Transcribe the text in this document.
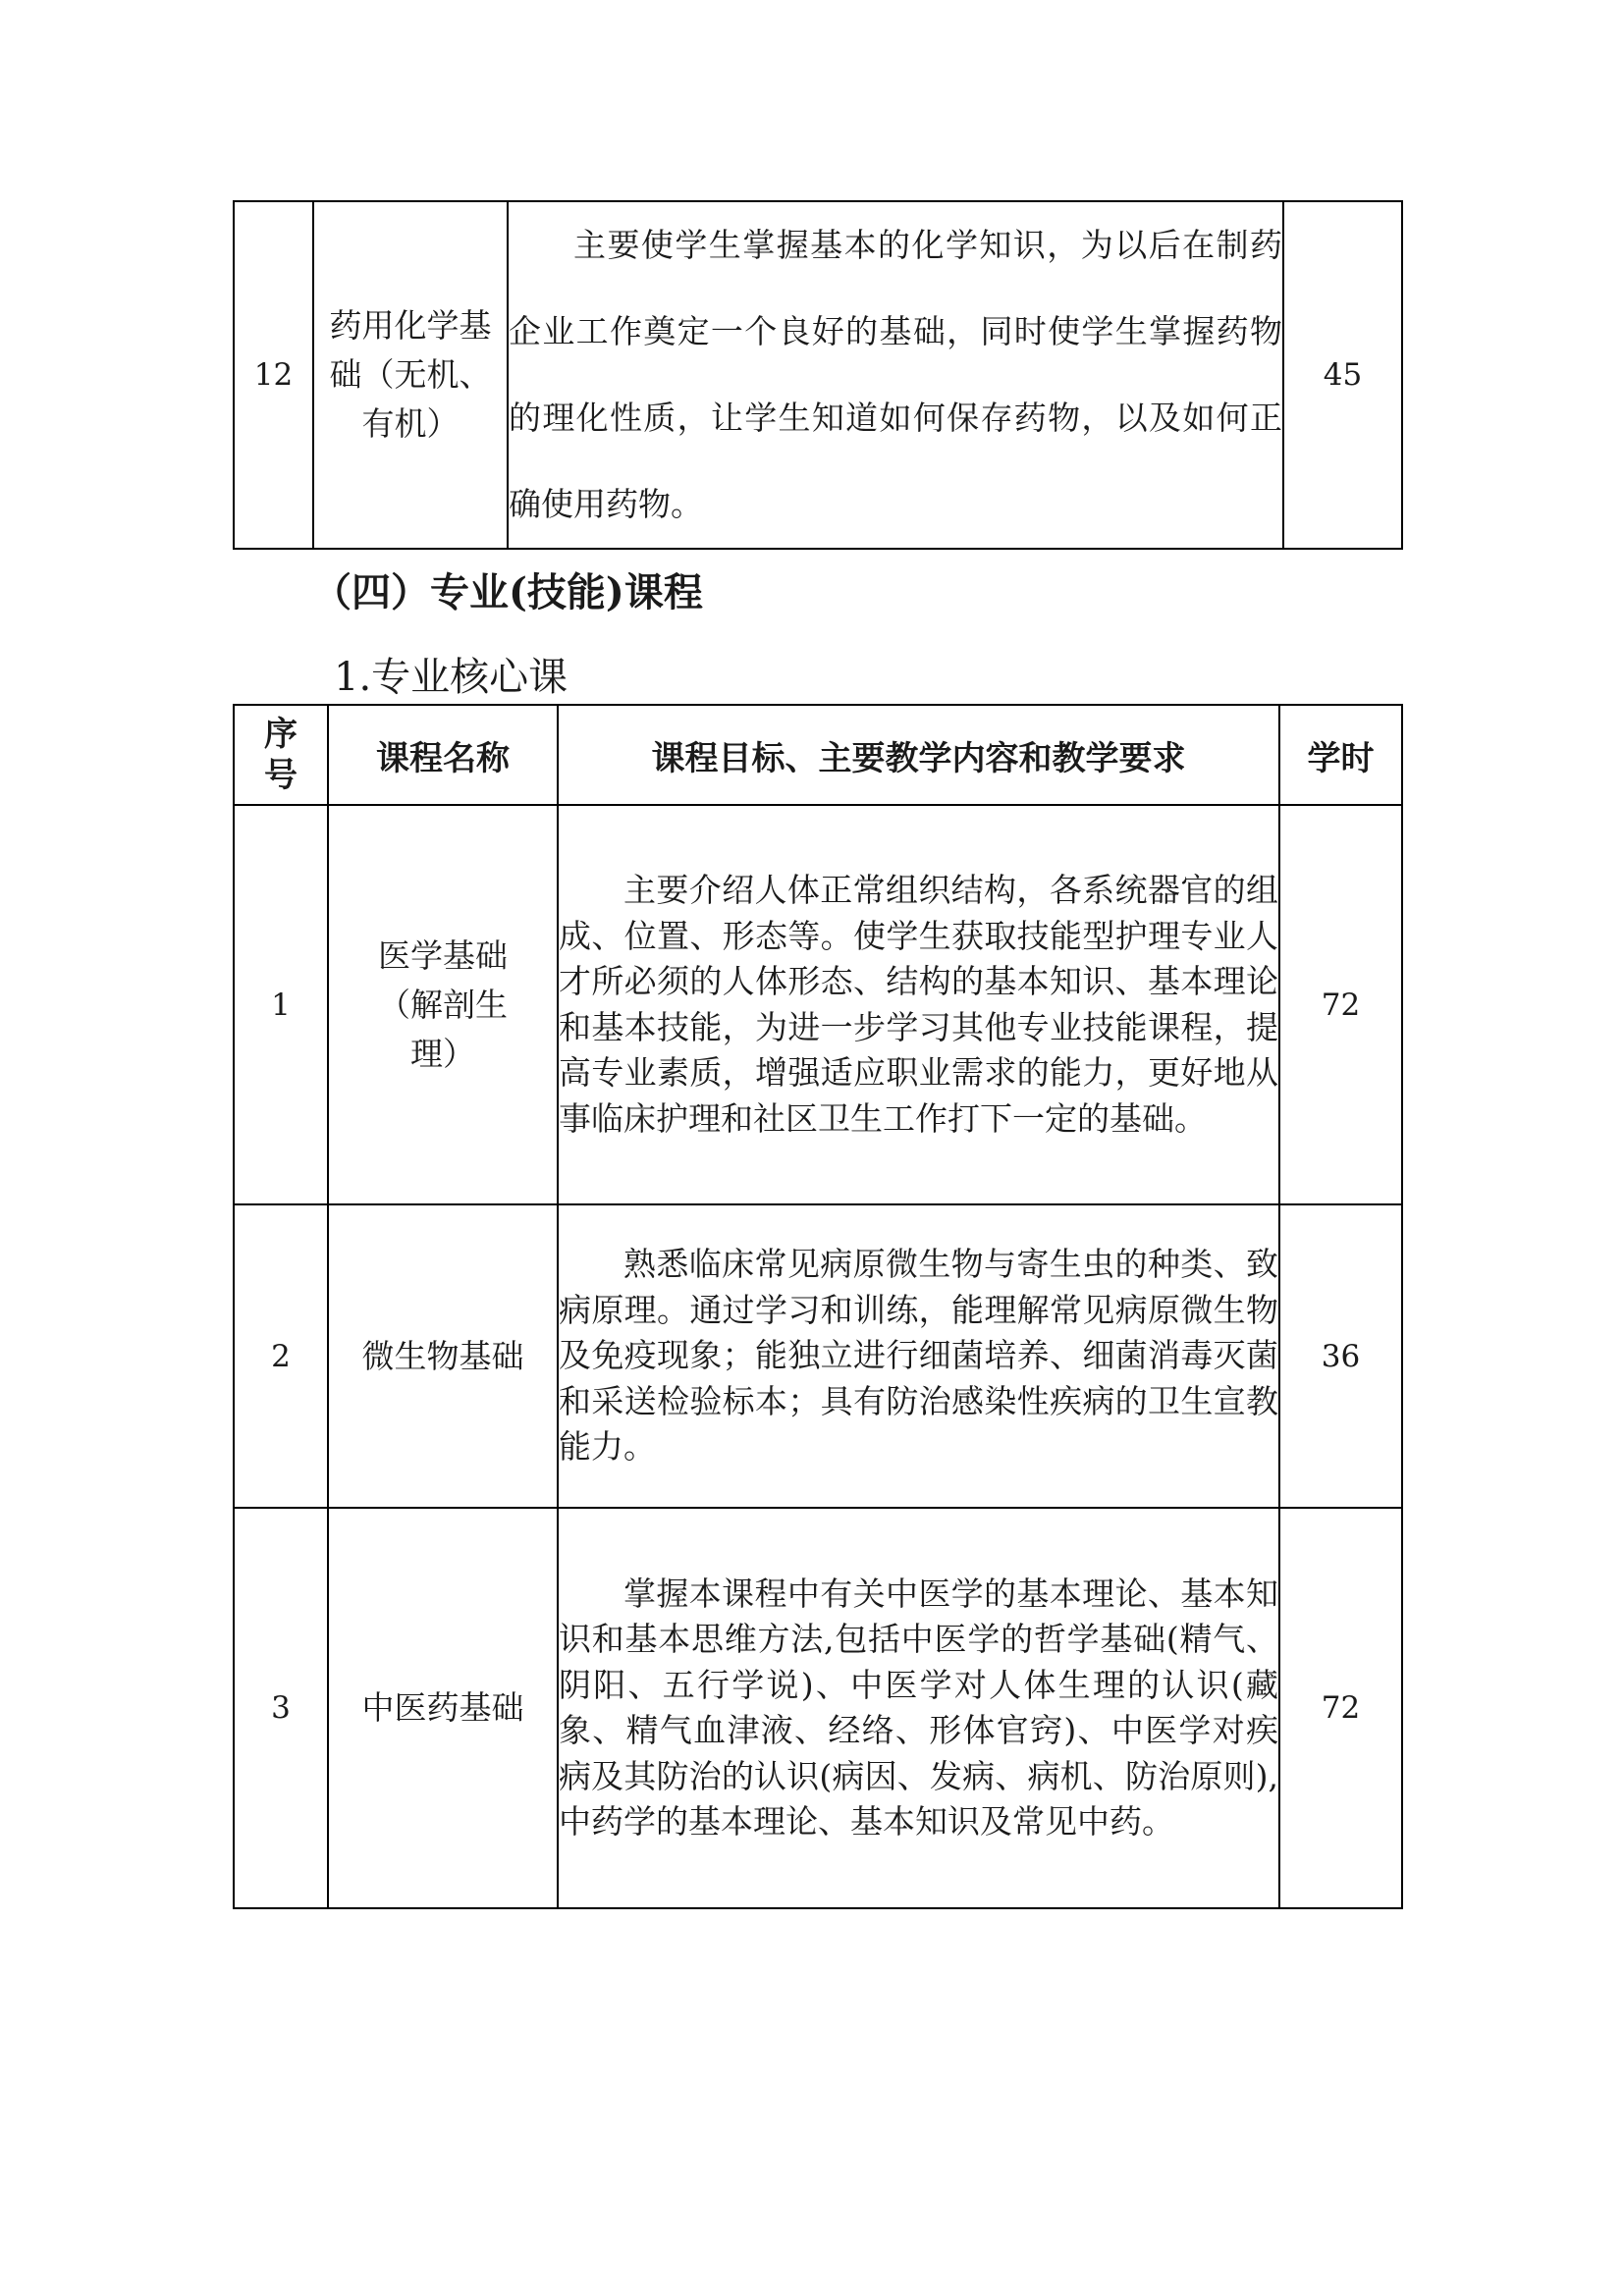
12	药用化学基础（无机、有机）	主要使学生掌握基本的化学知识，为以后在制药企业工作奠定一个良好的基础，同时使学生掌握药物的理化性质，让学生知道如何保存药物，以及如何正确使用药物。	45
（四）专业(技能)课程
1.专业核心课
序号	课程名称	课程目标、主要教学内容和教学要求	学时
1	医学基础（解剖生理）	主要介绍人体正常组织结构，各系统器官的组成、位置、形态等。使学生获取技能型护理专业人才所必须的人体形态、结构的基本知识、基本理论和基本技能，为进一步学习其他专业技能课程，提高专业素质，增强适应职业需求的能力，更好地从事临床护理和社区卫生工作打下一定的基础。	72
2	微生物基础	熟悉临床常见病原微生物与寄生虫的种类、致病原理。通过学习和训练，能理解常见病原微生物及免疫现象；能独立进行细菌培养、细菌消毒灭菌和采送检验标本；具有防治感染性疾病的卫生宣教能力。	36
3	中医药基础	掌握本课程中有关中医学的基本理论、基本知识和基本思维方法,包括中医学的哲学基础(精气、阴阳、五行学说)、中医学对人体生理的认识(藏象、精气血津液、经络、形体官窍)、中医学对疾病及其防治的认识(病因、发病、病机、防治原则),中药学的基本理论、基本知识及常见中药。	72
